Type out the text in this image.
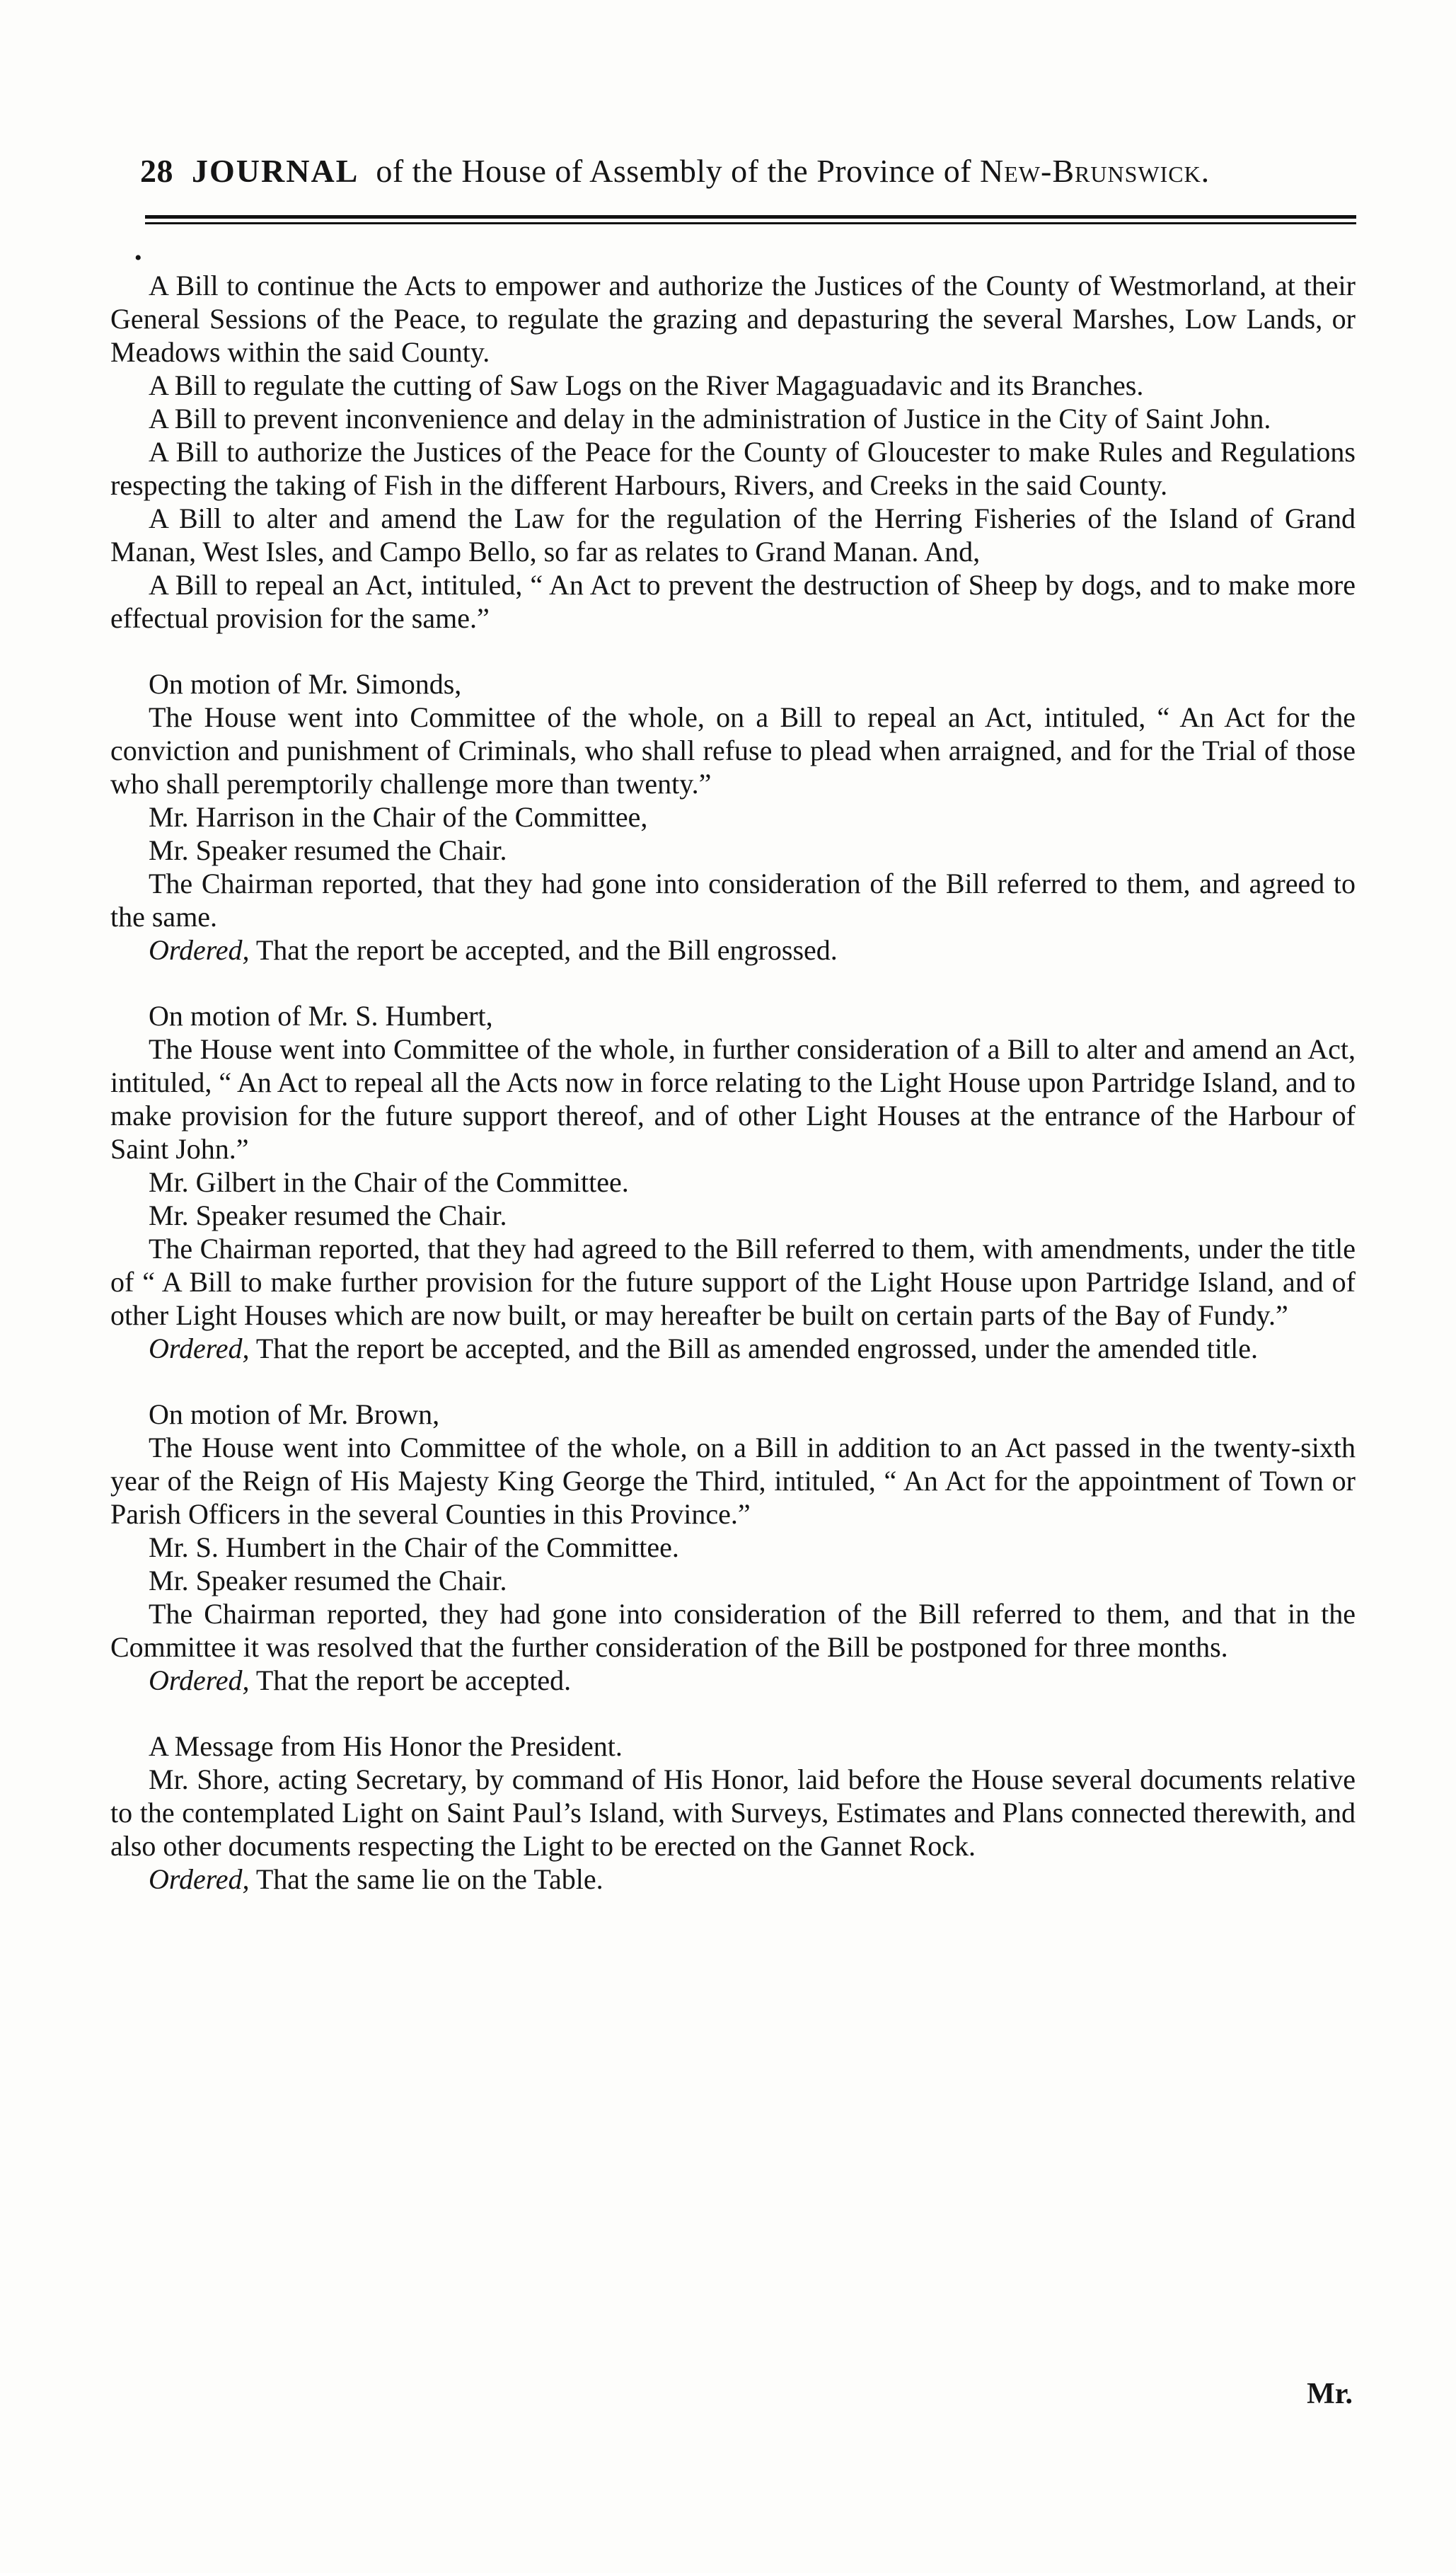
28 JOURNAL of the House of Assembly of the Province of New-Brunswick.
•

A Bill to continue the Acts to empower and authorize the Justices of the County of Westmorland, at their General Sessions of the Peace, to regulate the grazing and depasturing the several Marshes, Low Lands, or Meadows within the said County.

A Bill to regulate the cutting of Saw Logs on the River Magaguadavic and its Branches.

A Bill to prevent inconvenience and delay in the administration of Justice in the City of Saint John.

A Bill to authorize the Justices of the Peace for the County of Gloucester to make Rules and Regulations respecting the taking of Fish in the different Harbours, Rivers, and Creeks in the said County.

A Bill to alter and amend the Law for the regulation of the Herring Fisheries of the Island of Grand Manan, West Isles, and Campo Bello, so far as relates to Grand Manan. And,

A Bill to repeal an Act, intituled, “ An Act to prevent the destruction of Sheep by dogs, and to make more effectual provision for the same.”

On motion of Mr. Simonds,

The House went into Committee of the whole, on a Bill to repeal an Act, intituled, “ An Act for the conviction and punishment of Criminals, who shall refuse to plead when arraigned, and for the Trial of those who shall peremptorily challenge more than twenty.”

Mr. Harrison in the Chair of the Committee,

Mr. Speaker resumed the Chair.

The Chairman reported, that they had gone into consideration of the Bill referred to them, and agreed to the same.

Ordered, That the report be accepted, and the Bill engrossed.

On motion of Mr. S. Humbert,

The House went into Committee of the whole, in further consideration of a Bill to alter and amend an Act, intituled, “ An Act to repeal all the Acts now in force relating to the Light House upon Partridge Island, and to make provision for the future support thereof, and of other Light Houses at the entrance of the Harbour of Saint John.”

Mr. Gilbert in the Chair of the Committee.

Mr. Speaker resumed the Chair.

The Chairman reported, that they had agreed to the Bill referred to them, with amendments, under the title of “ A Bill to make further provision for the future support of the Light House upon Partridge Island, and of other Light Houses which are now built, or may hereafter be built on certain parts of the Bay of Fundy.”

Ordered, That the report be accepted, and the Bill as amended engrossed, under the amended title.

On motion of Mr. Brown,

The House went into Committee of the whole, on a Bill in addition to an Act passed in the twenty-sixth year of the Reign of His Majesty King George the Third, intituled, “ An Act for the appointment of Town or Parish Officers in the several Counties in this Province.”

Mr. S. Humbert in the Chair of the Committee.

Mr. Speaker resumed the Chair.

The Chairman reported, they had gone into consideration of the Bill referred to them, and that in the Committee it was resolved that the further consideration of the Bill be postponed for three months.

Ordered, That the report be accepted.

A Message from His Honor the President.

Mr. Shore, acting Secretary, by command of His Honor, laid before the House several documents relative to the contemplated Light on Saint Paul’s Island, with Surveys, Estimates and Plans connected therewith, and also other documents respecting the Light to be erected on the Gannet Rock.

Ordered, That the same lie on the Table.

Mr.
